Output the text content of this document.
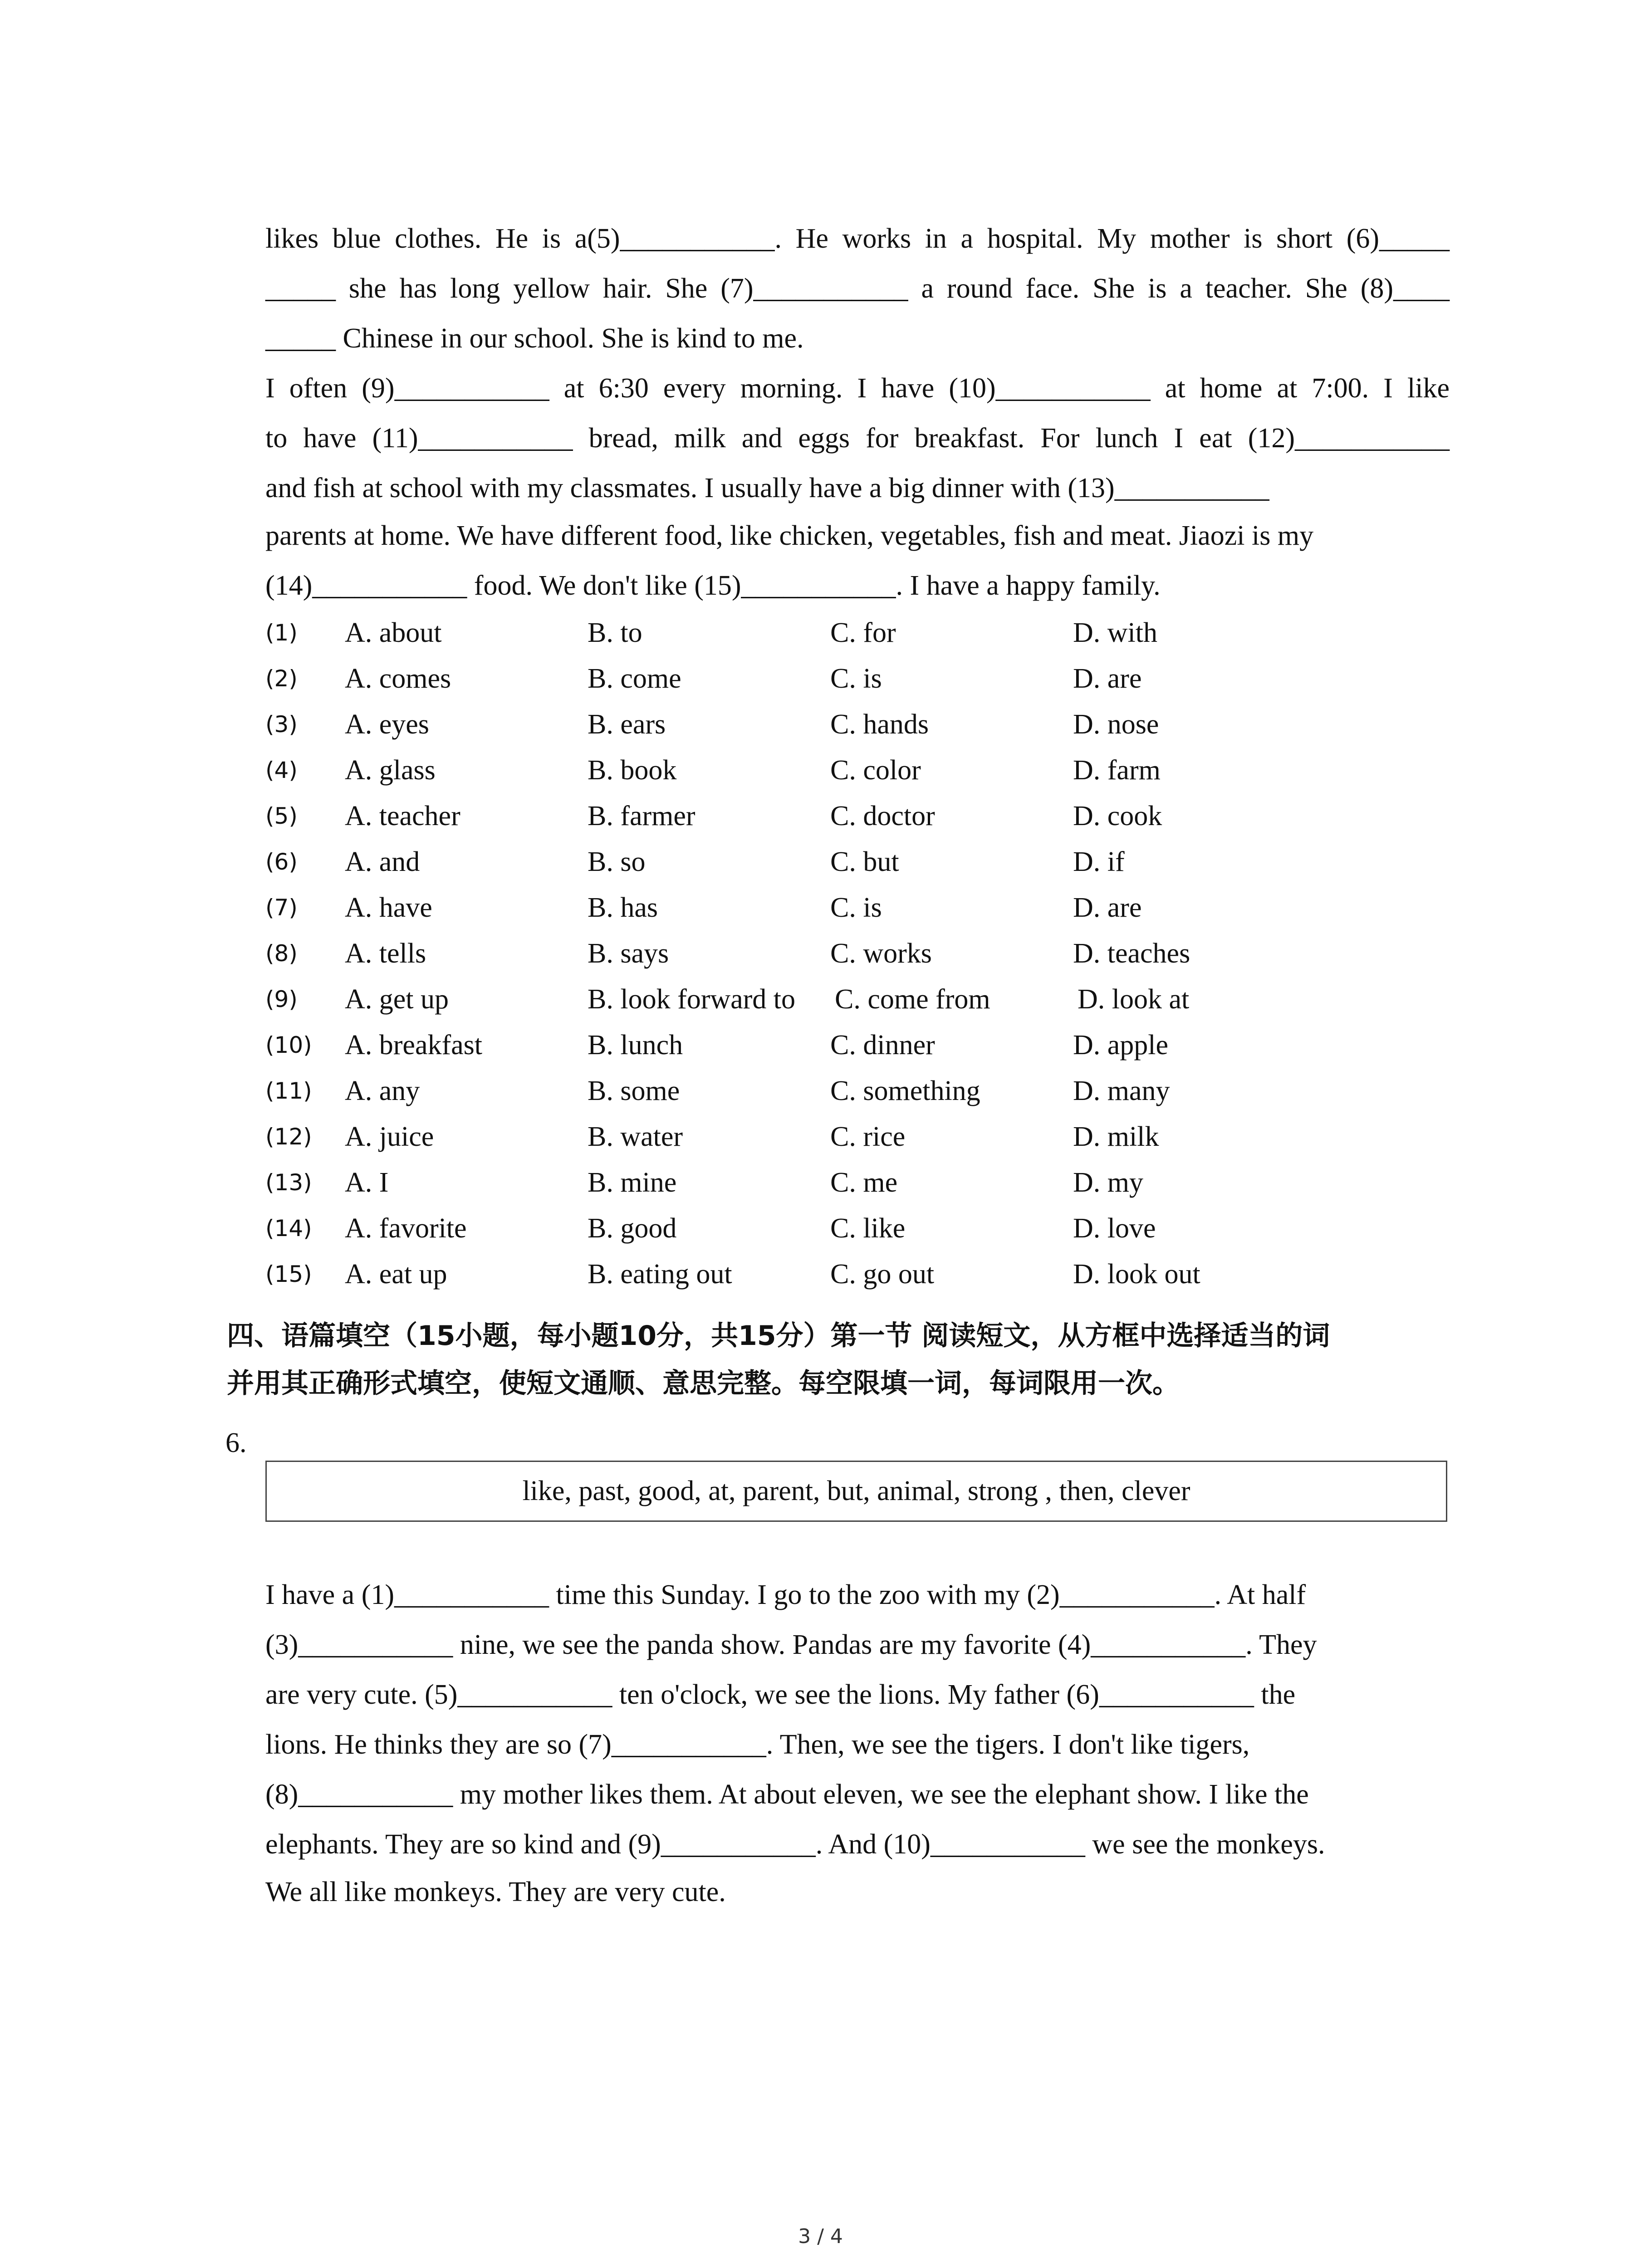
likes blue clothes. He is a(5)___________. He works in a hospital. My mother is short (6)_____
_____ she has long yellow hair. She (7)___________ a round face. She is a teacher. She (8)____
_____ Chinese in our school. She is kind to me.
I often (9)___________ at 6:30 every morning. I have (10)___________ at home at 7:00. I like
to have (11)___________ bread, milk and eggs for breakfast. For lunch I eat (12)___________
and fish at school with my classmates. I usually have a big dinner with (13)___________
parents at home. We have different food, like chicken, vegetables, fish and meat. Jiaozi is my
(14)___________ food. We don't like (15)___________. I have a happy family.
(1) A. about	B. to	C. for	D. with
(2) A. comes	B. come	C. is	D. are
(3) A. eyes	B. ears	C. hands	D. nose
(4) A. glass	B. book	C. color	D. farm
(5) A. teacher	B. farmer	C. doctor	D. cook
(6) A. and	B. so	C. but	D. if
(7) A. have	B. has	C. is	D. are
(8) A. tells	B. says	C. works	D. teaches
(9) A. get up	B. look forward to C. come from	D. look at
(10) A. breakfast	B. lunch	C. dinner	D. apple
(11) A. any	B. some	C. something	D. many
(12) A. juice	B. water	C. rice	D. milk
(13) A. I	B. mine	C. me	D. my
(14) A. favorite	B. good	C. like	D. love
(15) A. eat up	B. eating out	C. go out	D. look out
四、语篇填空（15小题，每小题10分，共15分）第一节 阅读短文，从方框中选择适当的词
并用其正确形式填空，使短文通顺、意思完整。每空限填一词，每词限用一次。
6.
like, past, good, at, parent, but, animal, strong , then, clever
I have a (1)___________ time this Sunday. I go to the zoo with my (2)___________. At half
(3)___________ nine, we see the panda show. Pandas are my favorite (4)___________. They
are very cute. (5)___________ ten o'clock, we see the lions. My father (6)___________ the
lions. He thinks they are so (7)___________. Then, we see the tigers. I don't like tigers,
(8)___________ my mother likes them. At about eleven, we see the elephant show. I like the
elephants. They are so kind and (9)___________. And (10)___________ we see the monkeys.
We all like monkeys. They are very cute.
3 / 4
